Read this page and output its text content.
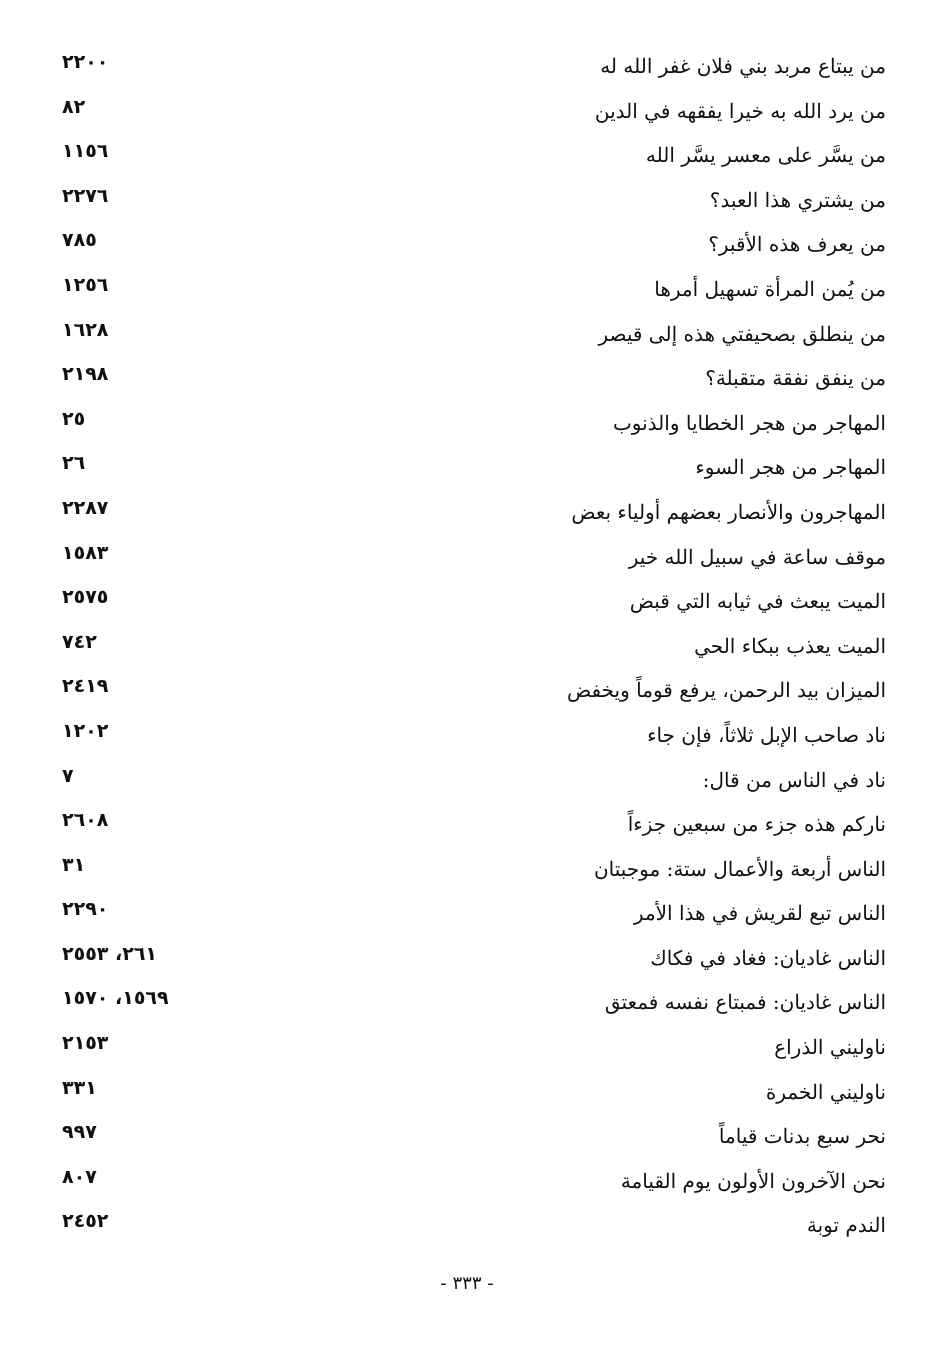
من يبتاع مربد بني فلان غفر الله له
٢٢٠٠
من يرد الله به خيرا يفقهه في الدين
٨٢
من يسَّر على معسر يسَّر الله
١١٥٦
من يشتري هذا العبد؟
٢٢٧٦
من يعرف هذه الأقبر؟
٧٨٥
من يُمن المرأة تسهيل أمرها
١٢٥٦
من ينطلق بصحيفتي هذه إلى قيصر
١٦٢٨
من ينفق نفقة متقبلة؟
٢١٩٨
المهاجر من هجر الخطايا والذنوب
٢٥
المهاجر من هجر السوء
٢٦
المهاجرون والأنصار بعضهم أولياء بعض
٢٢٨٧
موقف ساعة في سبيل الله خير
١٥٨٣
الميت يبعث في ثيابه التي قبض
٢٥٧٥
الميت يعذب ببكاء الحي
٧٤٢
الميزان بيد الرحمن، يرفع قوماً ويخفض
٢٤١٩
ناد صاحب الإبل ثلاثاً، فإن جاء
١٢٠٢
ناد في الناس من قال:
٧
ناركم هذه جزء من سبعين جزءاً
٢٦٠٨
الناس أربعة والأعمال ستة: موجبتان
٣١
الناس تبع لقريش في هذا الأمر
٢٢٩٠
الناس غاديان: فغاد في فكاك
٢٦١، ٢٥٥٣
الناس غاديان: فمبتاع نفسه فمعتق
١٥٦٩، ١٥٧٠
ناوليني الذراع
٢١٥٣
ناوليني الخمرة
٣٣١
نحر سبع بدنات قياماً
٩٩٧
نحن الآخرون الأولون يوم القيامة
٨٠٧
الندم توبة
٢٤٥٢
- ٣٣٣ -
